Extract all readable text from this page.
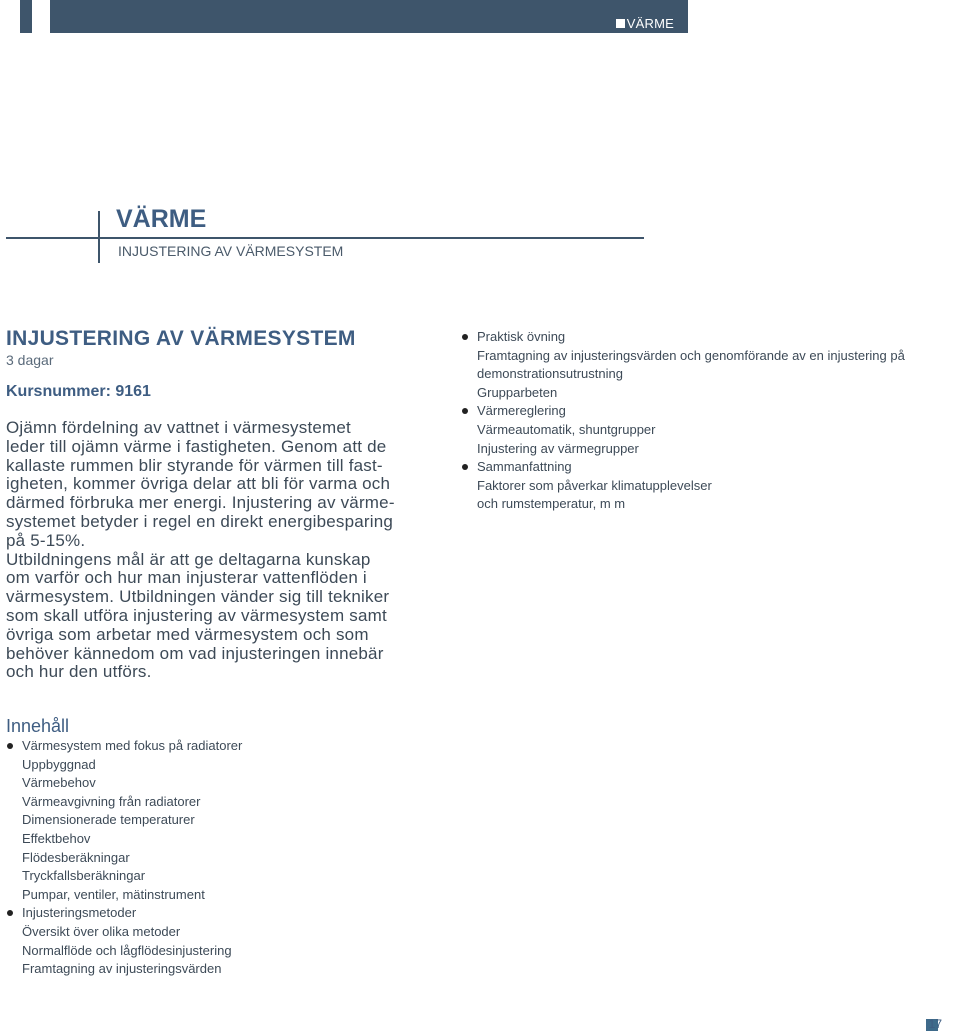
VÄRME
VÄRME
INJUSTERING AV VÄRMESYSTEM
INJUSTERING AV VÄRMESYSTEM
3 dagar
Kursnummer: 9161

Ojämn fördelning av vattnet i värmesystemet

leder till ojämn värme i fastigheten. Genom att de

kallaste rummen blir styrande för värmen till fast-

igheten, kommer övriga delar att bli för varma och

därmed förbruka mer energi. Injustering av värme-

systemet betyder i regel en direkt energibesparing

på 5-15%.

Utbildningens mål är att ge deltagarna kunskap

om varför och hur man injusterar vattenflöden i

värmesystem. Utbildningen vänder sig till tekniker

som skall utföra injustering av värmesystem samt

övriga som arbetar med värmesystem och som

behöver kännedom om vad injusteringen innebär

och hur den utförs.

Innehåll
Värmesystem med fokus på radiatorer
Uppbyggnad
Värmebehov
Värmeavgivning från radiatorer
Dimensionerade temperaturer
Effektbehov
Flödesberäkningar
Tryckfallsberäkningar
Pumpar, ventiler, mätinstrument
Injusteringsmetoder
Översikt över olika metoder
Normalflöde och lågflödesinjustering
Framtagning av injusteringsvärden
Praktisk övning
Framtagning av injusteringsvärden och genomförande av en injustering på
demonstrationsutrustning
Grupparbeten
Värmereglering
Värmeautomatik, shuntgrupper
Injustering av värmegrupper
Sammanfattning
Faktorer som påverkar klimatupplevelser
och rumstemperatur, m m
17
